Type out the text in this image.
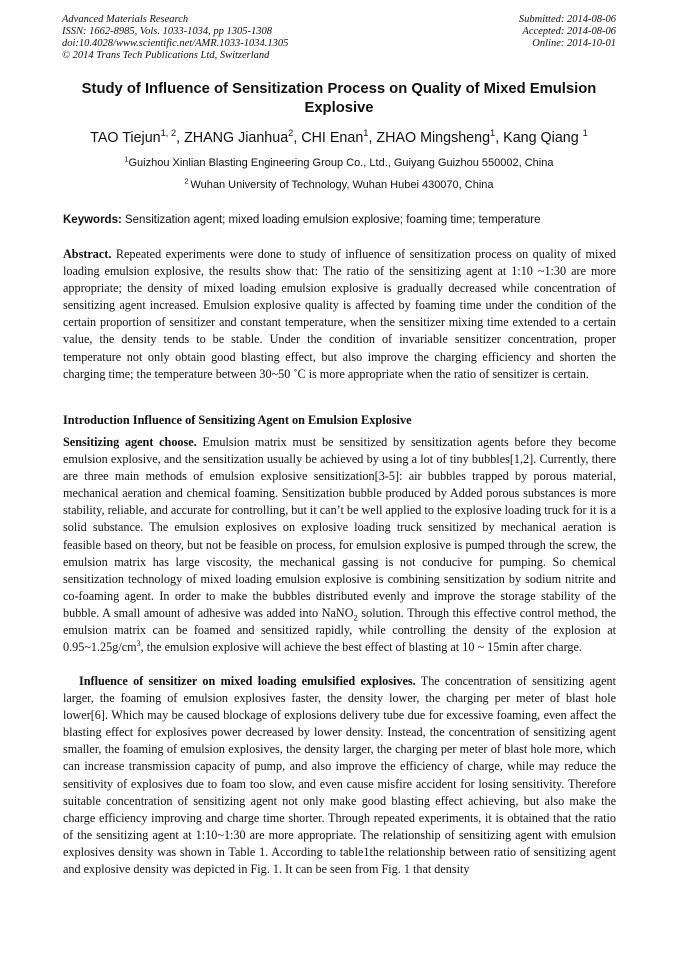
Advanced Materials Research
ISSN: 1662-8985, Vols. 1033-1034, pp 1305-1308
doi:10.4028/www.scientific.net/AMR.1033-1034.1305
© 2014 Trans Tech Publications Ltd, Switzerland
Submitted: 2014-08-06
Accepted: 2014-08-06
Online: 2014-10-01
Study of Influence of Sensitization Process on Quality of Mixed Emulsion
Explosive
TAO Tiejun$^{1, 2}$, ZHANG Jianhua$^2$, CHI Enan$^1$, ZHAO Mingsheng$^1$, Kang Qiang $^1$
$^1$Guizhou Xinlian Blasting Engineering Group Co., Ltd., Guiyang Guizhou 550002, China
$^2$ Wuhan University of Technology, Wuhan Hubei 430070, China
Keywords: Sensitization agent; mixed loading emulsion explosive; foaming time; temperature
Abstract. Repeated experiments were done to study of influence of sensitization process on quality of mixed loading emulsion explosive, the results show that: The ratio of the sensitizing agent at 1:10 ~1:30 are more appropriate; the density of mixed loading emulsion explosive is gradually decreased while concentration of sensitizing agent increased. Emulsion explosive quality is affected by foaming time under the condition of the certain proportion of sensitizer and constant temperature, when the sensitizer mixing time extended to a certain value, the density tends to be stable. Under the condition of invariable sensitizer concentration, proper temperature not only obtain good blasting effect, but also improve the charging efficiency and shorten the charging time; the temperature between 30~50 ˚C is more appropriate when the ratio of sensitizer is certain.
Introduction Influence of Sensitizing Agent on Emulsion Explosive
Sensitizing agent choose. Emulsion matrix must be sensitized by sensitization agents before they become emulsion explosive, and the sensitization usually be achieved by using a lot of tiny bubbles[1,2]. Currently, there are three main methods of emulsion explosive sensitization[3-5]: air bubbles trapped by porous material, mechanical aeration and chemical foaming. Sensitization bubble produced by Added porous substances is more stability, reliable, and accurate for controlling, but it can’t be well applied to the explosive loading truck for it is a solid substance. The emulsion explosives on explosive loading truck sensitized by mechanical aeration is feasible based on theory, but not be feasible on process, for emulsion explosive is pumped through the screw, the emulsion matrix has large viscosity, the mechanical gassing is not conducive for pumping. So chemical sensitization technology of mixed loading emulsion explosive is combining sensitization by sodium nitrite and co-foaming agent. In order to make the bubbles distributed evenly and improve the storage stability of the bubble. A small amount of adhesive was added into NaNO$_2$ solution. Through this effective control method, the emulsion matrix can be foamed and sensitized rapidly, while controlling the density of the explosion at $0.95\sim 1.25g/cm^3$, the emulsion explosive will achieve the best effect of blasting at 10 ~ 15min after charge.
Influence of sensitizer on mixed loading emulsified explosives. The concentration of sensitizing agent larger, the foaming of emulsion explosives faster, the density lower, the charging per meter of blast hole lower[6]. Which may be caused blockage of explosions delivery tube due for excessive foaming, even affect the blasting effect for explosives power decreased by lower density. Instead, the concentration of sensitizing agent smaller, the foaming of emulsion explosives, the density larger, the charging per meter of blast hole more, which can increase transmission capacity of pump, and also improve the efficiency of charge, while may reduce the sensitivity of explosives due to foam too slow, and even cause misfire accident for losing sensitivity. Therefore suitable concentration of sensitizing agent not only make good blasting effect achieving, but also make the charge efficiency improving and charge time shorter. Through repeated experiments, it is obtained that the ratio of the sensitizing agent at 1:10~1:30 are more appropriate. The relationship of sensitizing agent with emulsion explosives density was shown in Table 1. According to table1the relationship between ratio of sensitizing agent and explosive density was depicted in Fig. 1. It can be seen from Fig. 1 that density
